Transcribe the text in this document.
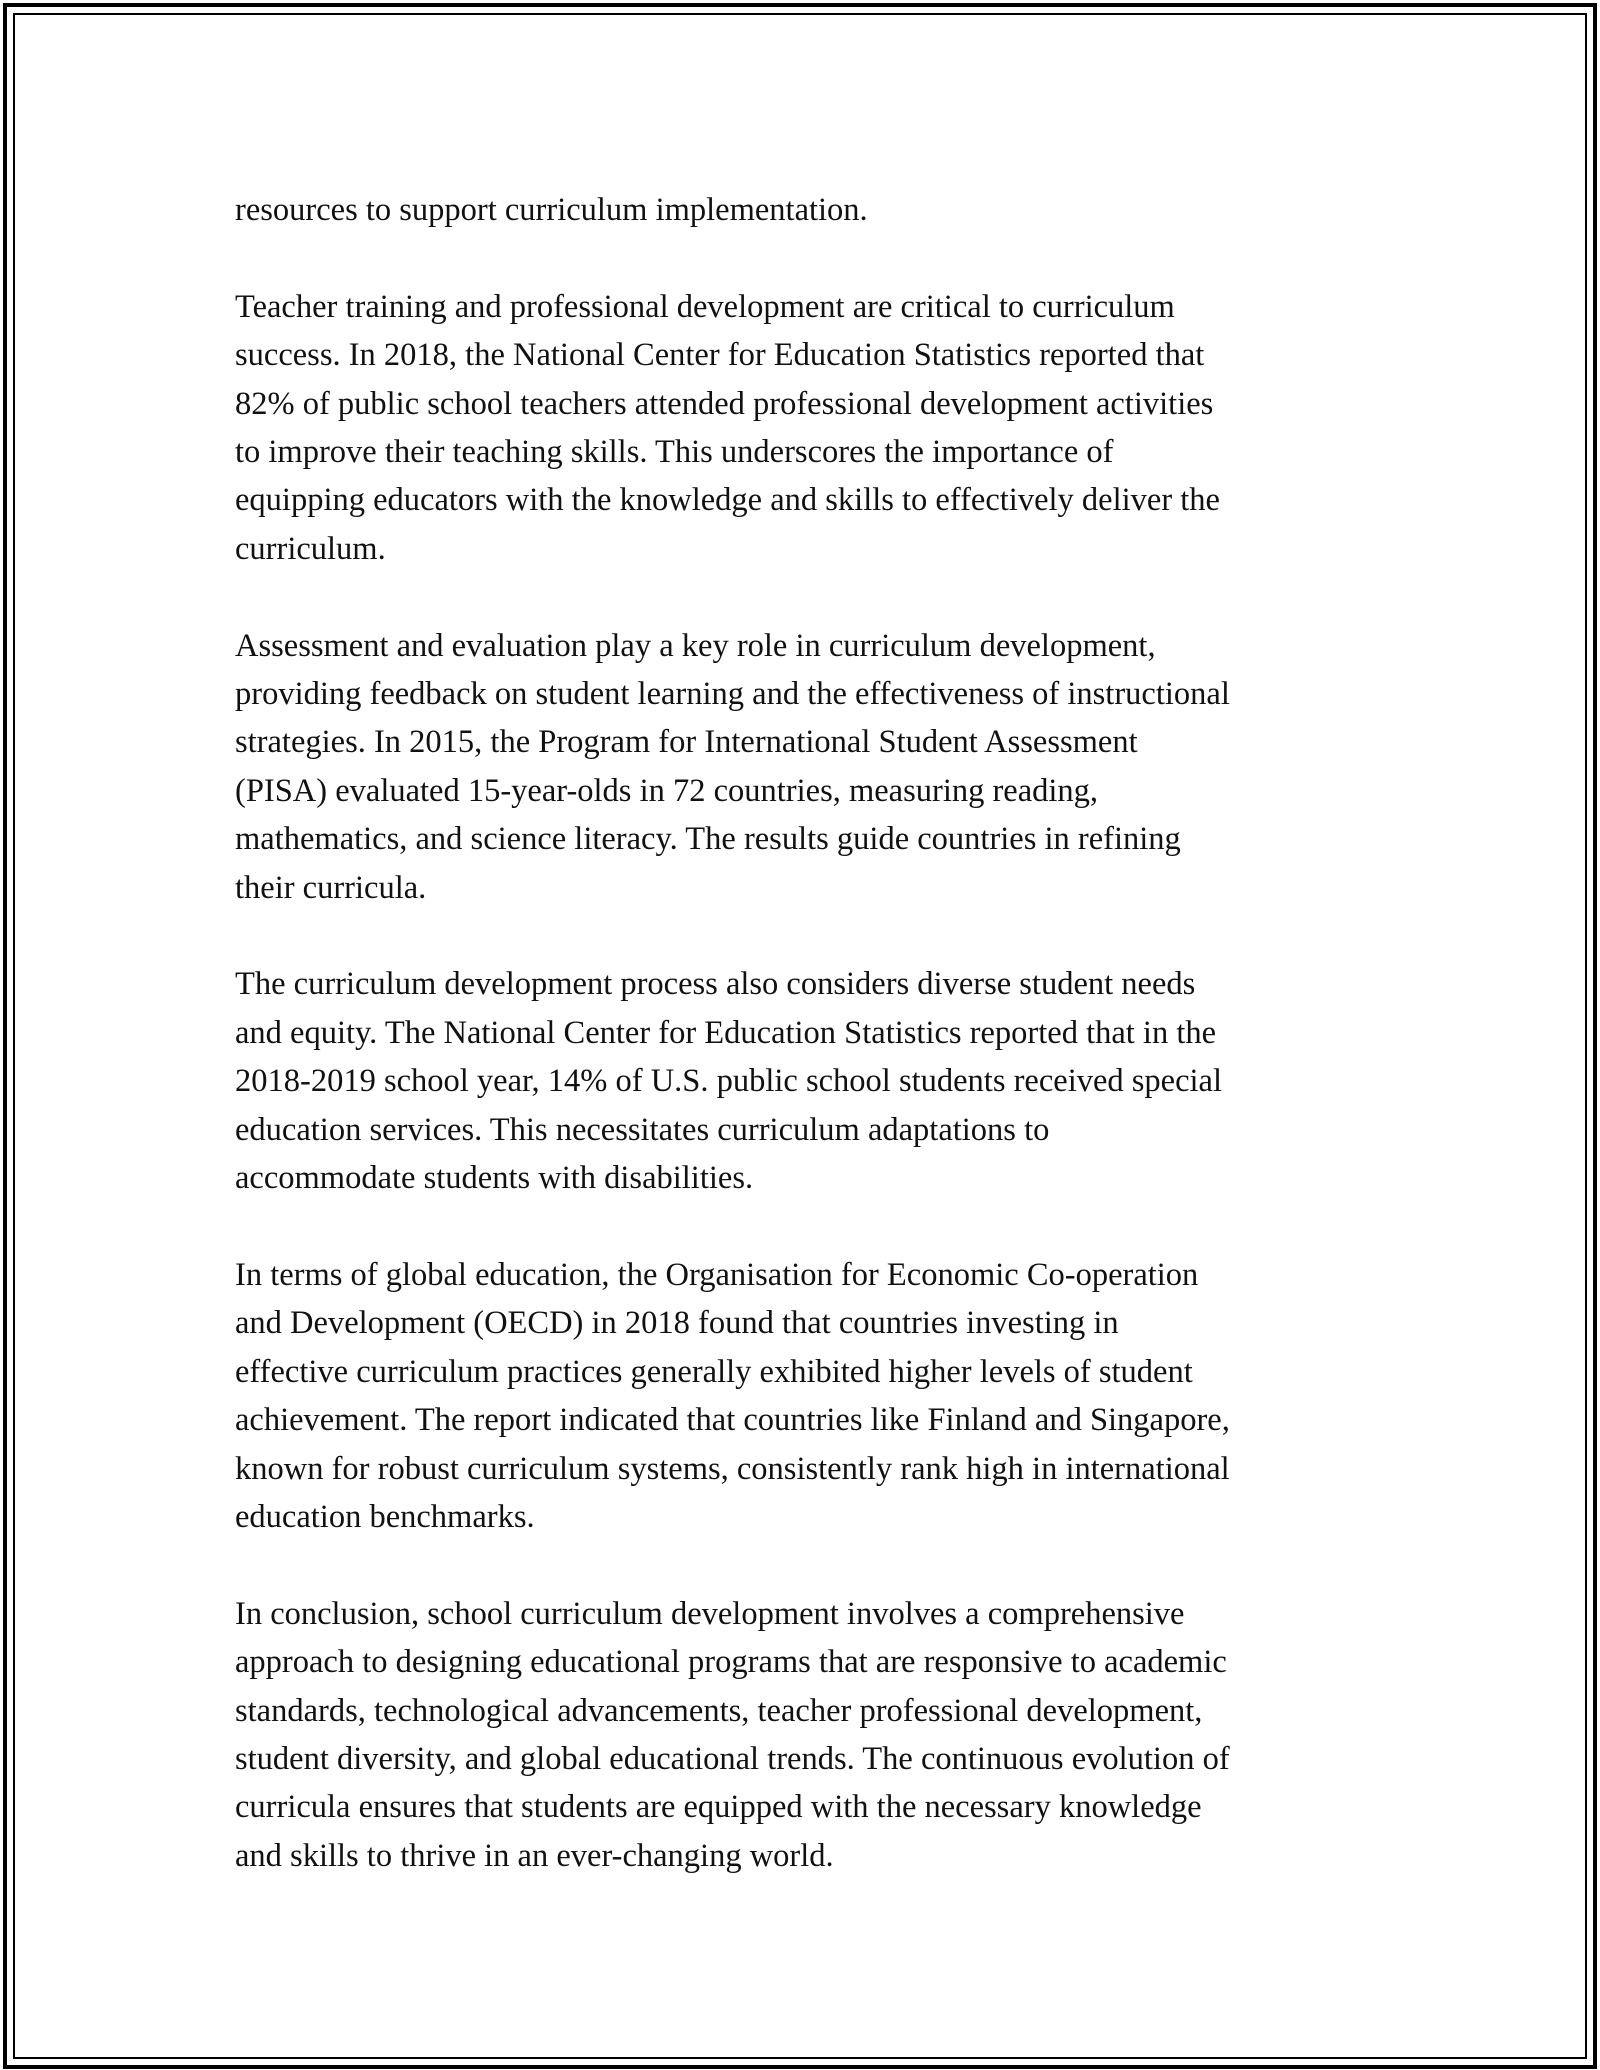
resources to support curriculum implementation.

Teacher training and professional development are critical to curriculum
success. In 2018, the National Center for Education Statistics reported that
82% of public school teachers attended professional development activities
to improve their teaching skills. This underscores the importance of
equipping educators with the knowledge and skills to effectively deliver the
curriculum.

Assessment and evaluation play a key role in curriculum development,
providing feedback on student learning and the effectiveness of instructional
strategies. In 2015, the Program for International Student Assessment
(PISA) evaluated 15-year-olds in 72 countries, measuring reading,
mathematics, and science literacy. The results guide countries in refining
their curricula.

The curriculum development process also considers diverse student needs
and equity. The National Center for Education Statistics reported that in the
2018-2019 school year, 14% of U.S. public school students received special
education services. This necessitates curriculum adaptations to
accommodate students with disabilities.

In terms of global education, the Organisation for Economic Co-operation
and Development (OECD) in 2018 found that countries investing in
effective curriculum practices generally exhibited higher levels of student
achievement. The report indicated that countries like Finland and Singapore,
known for robust curriculum systems, consistently rank high in international
education benchmarks.

In conclusion, school curriculum development involves a comprehensive
approach to designing educational programs that are responsive to academic
standards, technological advancements, teacher professional development,
student diversity, and global educational trends. The continuous evolution of
curricula ensures that students are equipped with the necessary knowledge
and skills to thrive in an ever-changing world.
